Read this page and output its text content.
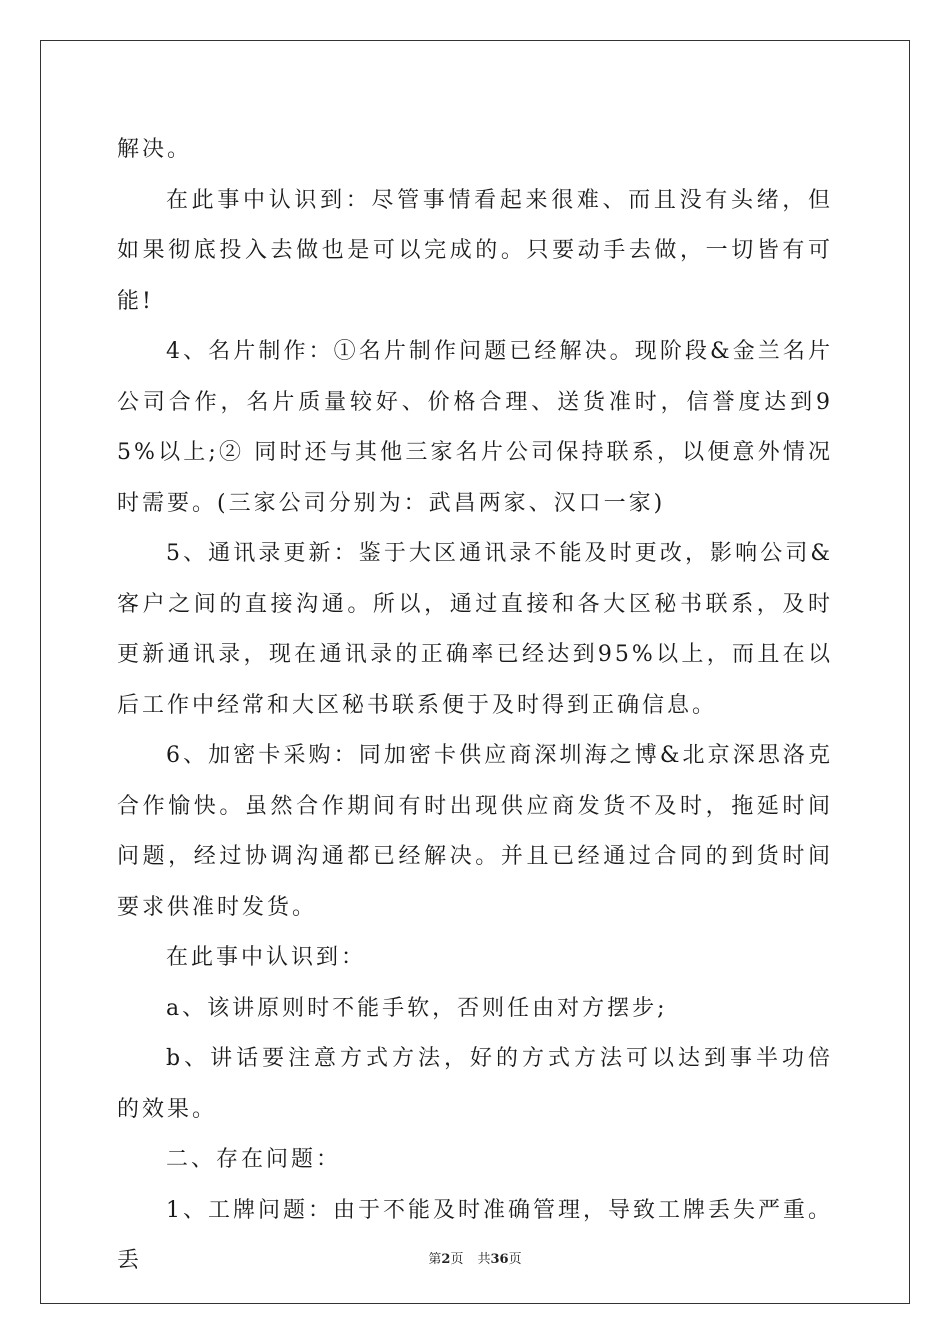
解决。

在此事中认识到：尽管事情看起来很难、而且没有头绪，但如果彻底投入去做也是可以完成的。只要动手去做，一切皆有可能!

4、名片制作：①名片制作问题已经解决。现阶段&金兰名片公司合作，名片质量较好、价格合理、送货准时，信誉度达到95%以上;② 同时还与其他三家名片公司保持联系，以便意外情况时需要。(三家公司分别为：武昌两家、汉口一家)

5、通讯录更新：鉴于大区通讯录不能及时更改，影响公司&客户之间的直接沟通。所以，通过直接和各大区秘书联系，及时更新通讯录，现在通讯录的正确率已经达到95%以上，而且在以后工作中经常和大区秘书联系便于及时得到正确信息。

6、加密卡采购：同加密卡供应商深圳海之博&北京深思洛克合作愉快。虽然合作期间有时出现供应商发货不及时，拖延时间问题，经过协调沟通都已经解决。并且已经通过合同的到货时间要求供准时发货。

在此事中认识到：

a、该讲原则时不能手软，否则任由对方摆步;

b、讲话要注意方式方法，好的方式方法可以达到事半功倍的效果。

二、存在问题：

1、工牌问题：由于不能及时准确管理，导致工牌丢失严重。丢	第2页 共36页
